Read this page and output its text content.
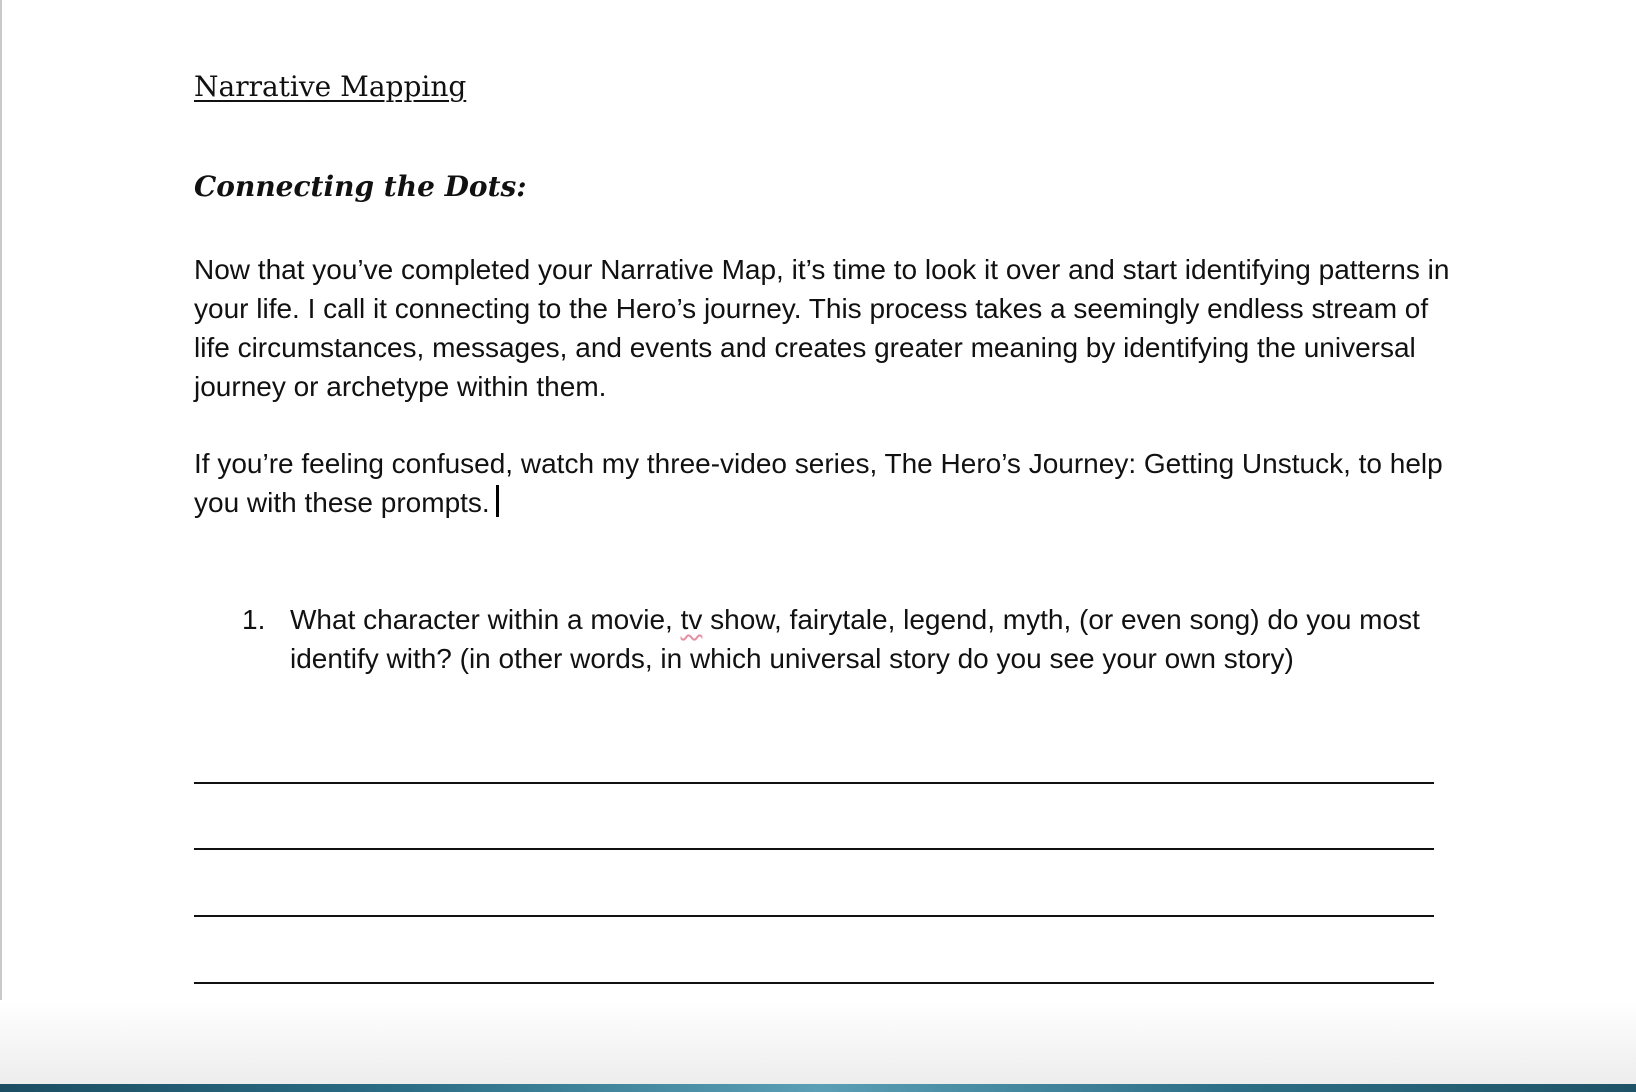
Narrative Mapping
Connecting the Dots:

Now that you’ve completed your Narrative Map, it’s time to look it over and start identifying patterns in your life. I call it connecting to the Hero’s journey. This process takes a seemingly endless stream of life circumstances, messages, and events and creates greater meaning by identifying the universal journey or archetype within them.

If you’re feeling confused, watch my three-video series, The Hero’s Journey: Getting Unstuck, to help you with these prompts.

1. What character within a movie, tv show, fairytale, legend, myth, (or even song) do you most identify with? (in other words, in which universal story do you see your own story)
